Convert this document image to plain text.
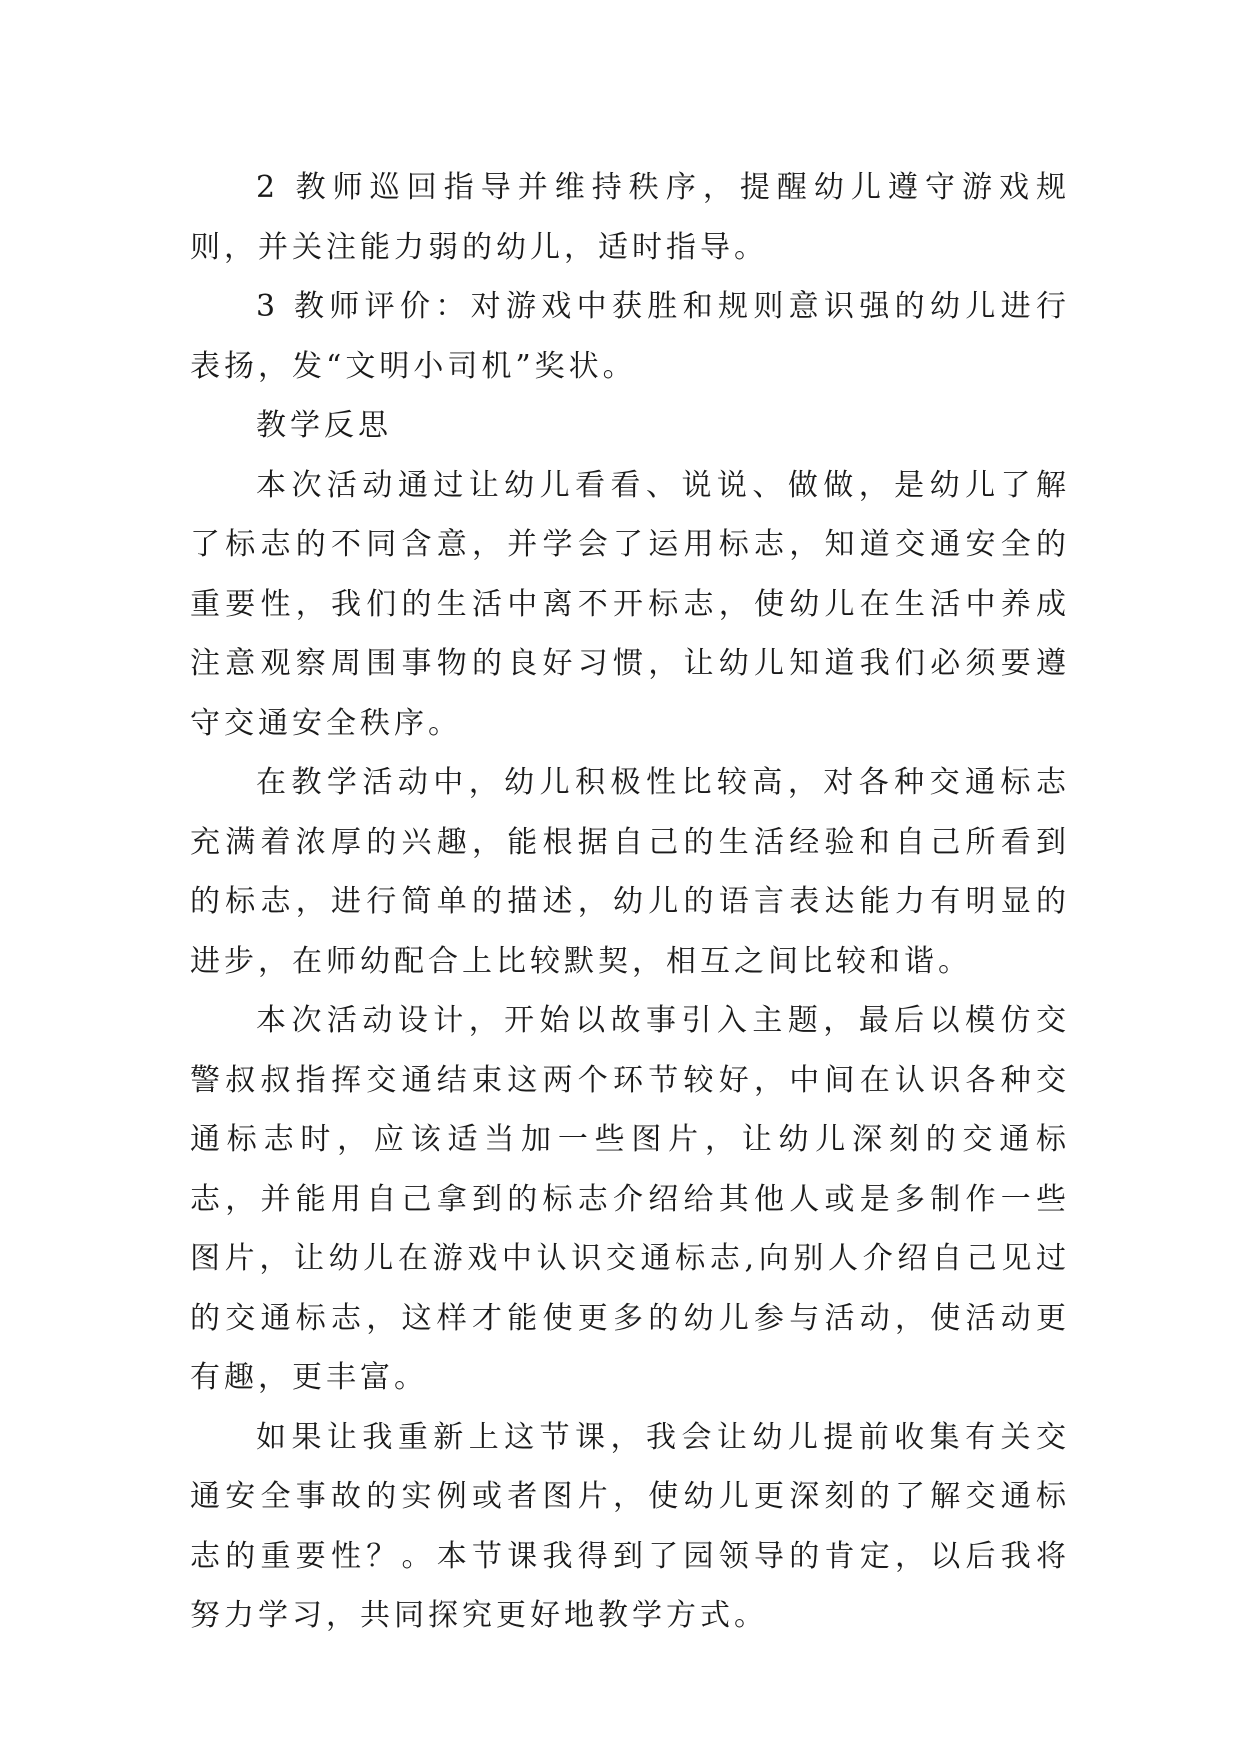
2 教师巡回指导并维持秩序，提醒幼儿遵守游戏规则，并关注能力弱的幼儿，适时指导。

3 教师评价：对游戏中获胜和规则意识强的幼儿进行表扬，发“文明小司机”奖状。

教学反思

本次活动通过让幼儿看看、说说、做做，是幼儿了解了标志的不同含意，并学会了运用标志，知道交通安全的重要性，我们的生活中离不开标志，使幼儿在生活中养成注意观察周围事物的良好习惯，让幼儿知道我们必须要遵守交通安全秩序。

在教学活动中，幼儿积极性比较高，对各种交通标志充满着浓厚的兴趣，能根据自己的生活经验和自己所看到的标志，进行简单的描述，幼儿的语言表达能力有明显的进步，在师幼配合上比较默契，相互之间比较和谐。

本次活动设计，开始以故事引入主题，最后以模仿交警叔叔指挥交通结束这两个环节较好，中间在认识各种交通标志时，应该适当加一些图片，让幼儿深刻的交通标志，并能用自己拿到的标志介绍给其他人或是多制作一些图片，让幼儿在游戏中认识交通标志,向别人介绍自己见过的交通标志，这样才能使更多的幼儿参与活动，使活动更有趣，更丰富。

如果让我重新上这节课，我会让幼儿提前收集有关交通安全事故的实例或者图片，使幼儿更深刻的了解交通标志的重要性？。本节课我得到了园领导的肯定，以后我将努力学习，共同探究更好地教学方式。
